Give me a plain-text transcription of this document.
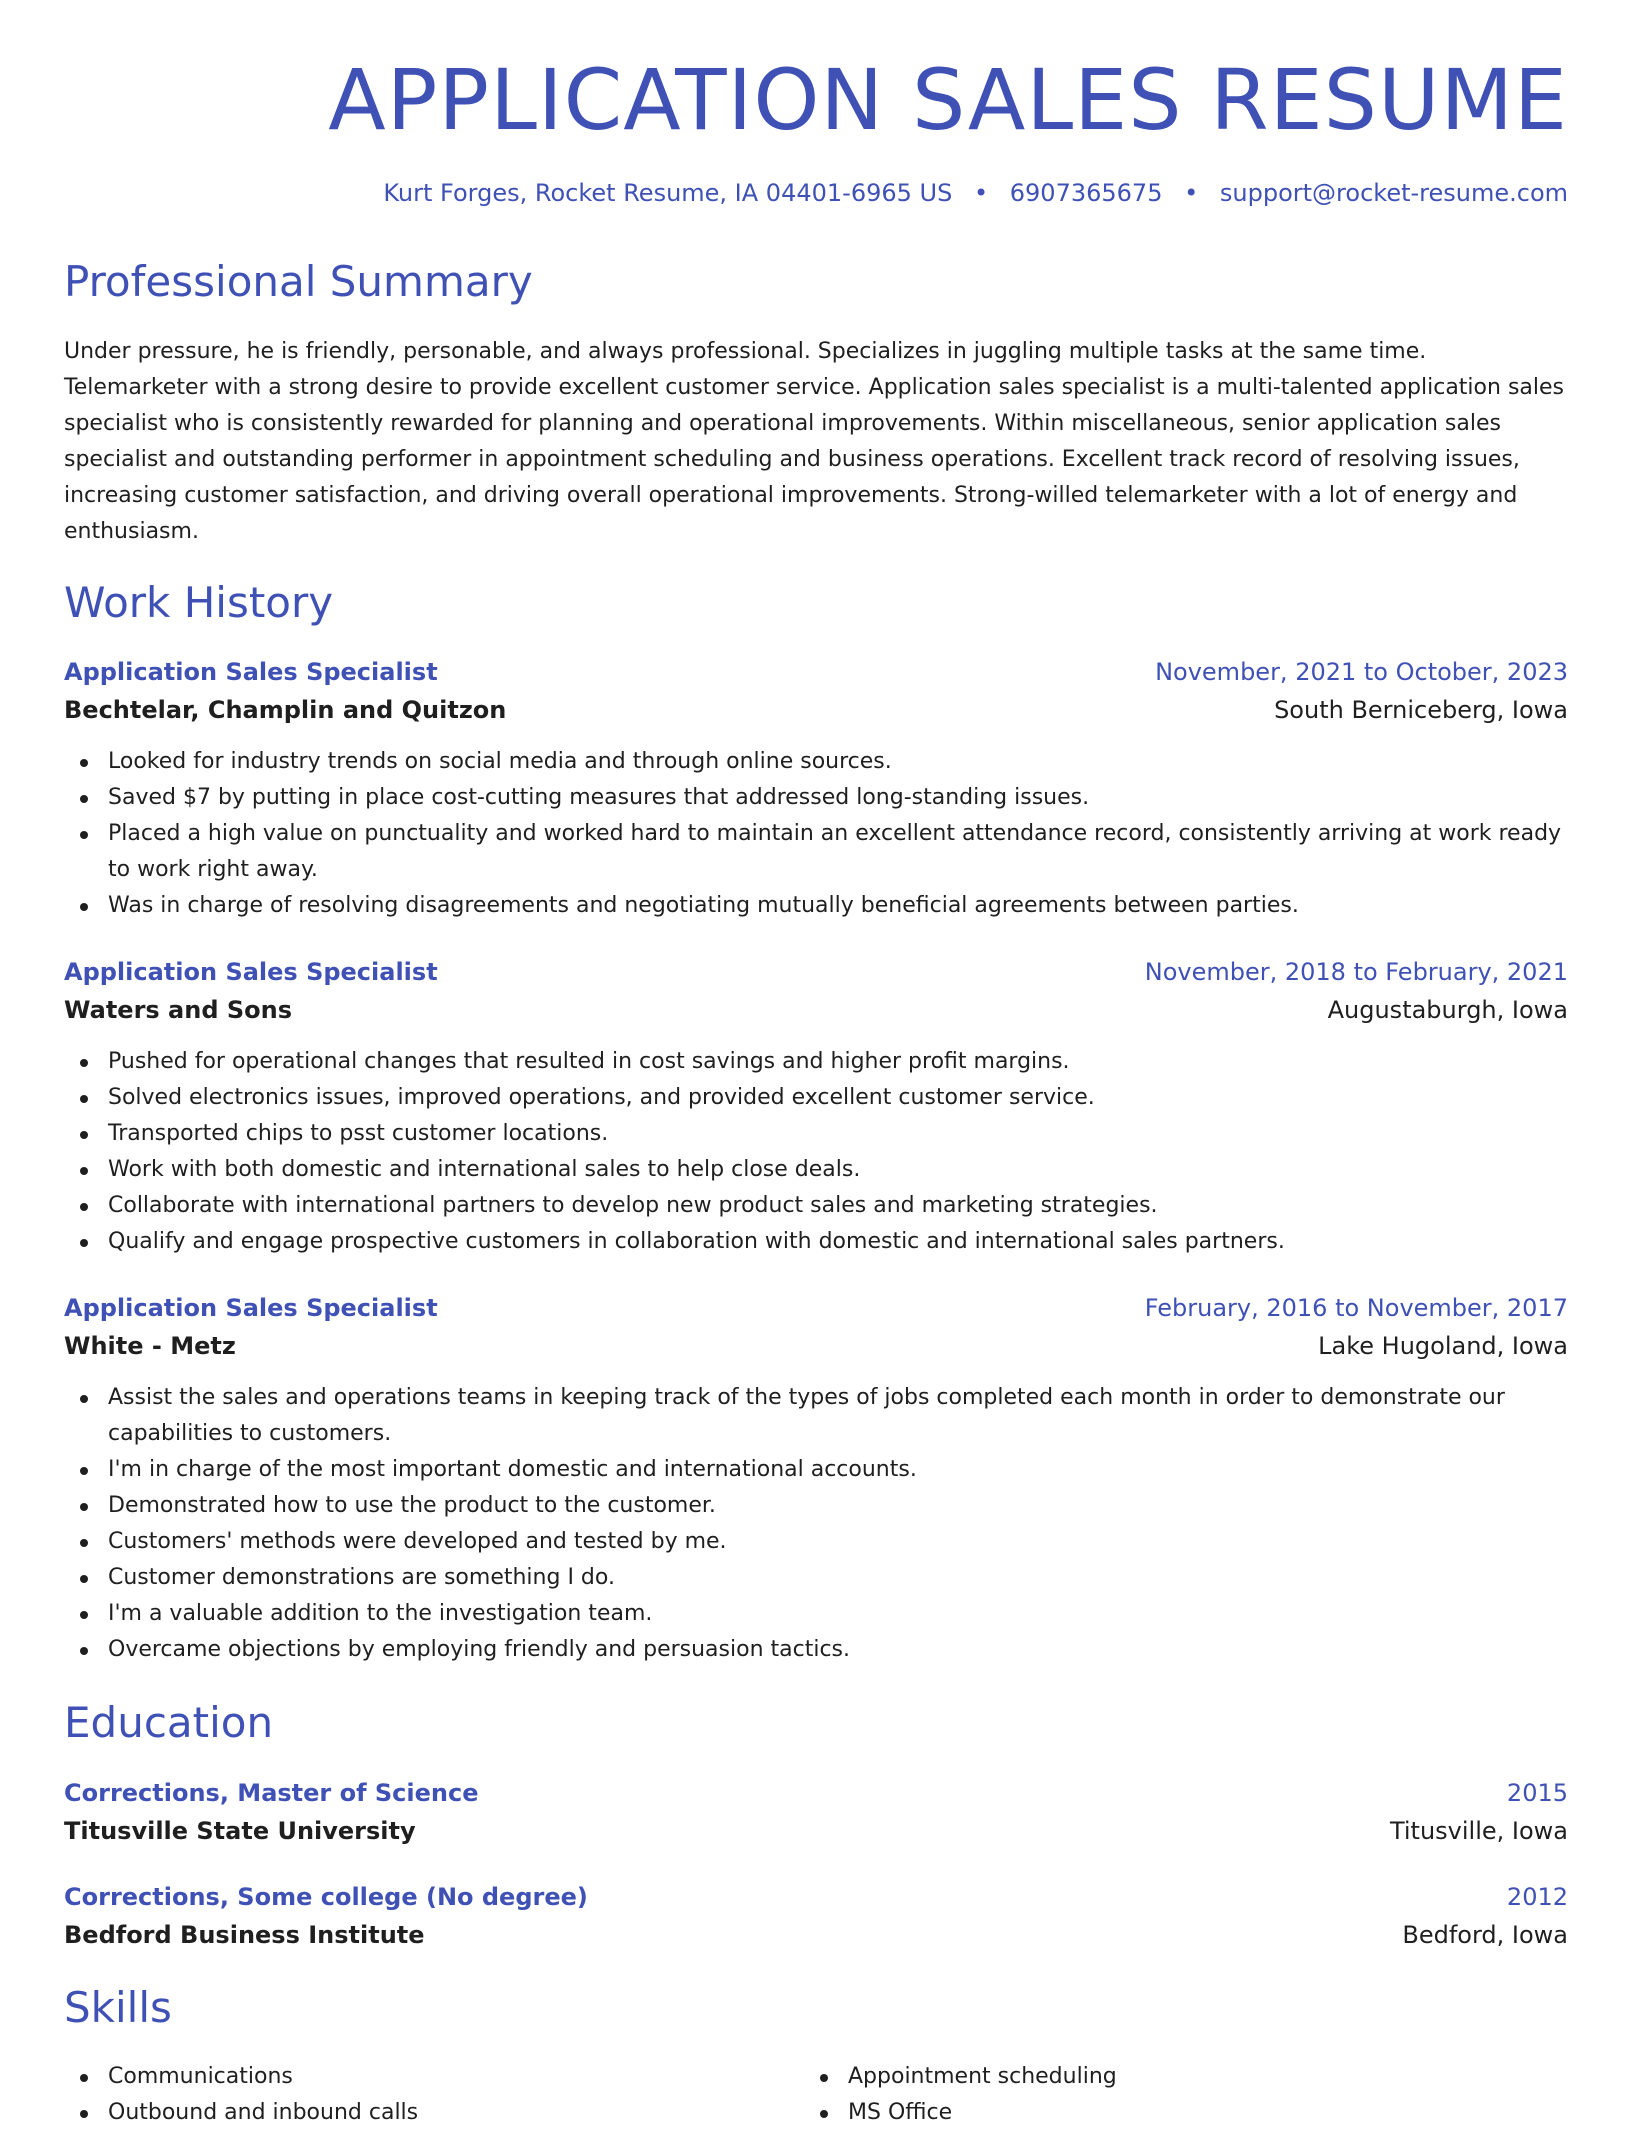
APPLICATION SALES RESUME
Kurt Forges, Rocket Resume, IA 04401-6965 US • 6907365675 • support@rocket-resume.com
Professional Summary

Under pressure, he is friendly, personable, and always professional. Specializes in juggling multiple tasks at the same time. Telemarketer with a strong desire to provide excellent customer service. Application sales specialist is a multi-talented application sales specialist who is consistently rewarded for planning and operational improvements. Within miscellaneous, senior application sales specialist and outstanding performer in appointment scheduling and business operations. Excellent track record of resolving issues, increasing customer satisfaction, and driving overall operational improvements. Strong-willed telemarketer with a lot of energy and enthusiasm.

Work History
Application Sales Specialist	November, 2021 to October, 2023
Bechtelar, Champlin and Quitzon	South Berniceberg, Iowa
Looked for industry trends on social media and through online sources.
Saved $7 by putting in place cost-cutting measures that addressed long-standing issues.
Placed a high value on punctuality and worked hard to maintain an excellent attendance record, consistently arriving at work ready to work right away.
Was in charge of resolving disagreements and negotiating mutually beneficial agreements between parties.
Application Sales Specialist	November, 2018 to February, 2021
Waters and Sons	Augustaburgh, Iowa
Pushed for operational changes that resulted in cost savings and higher profit margins.
Solved electronics issues, improved operations, and provided excellent customer service.
Transported chips to psst customer locations.
Work with both domestic and international sales to help close deals.
Collaborate with international partners to develop new product sales and marketing strategies.
Qualify and engage prospective customers in collaboration with domestic and international sales partners.
Application Sales Specialist	February, 2016 to November, 2017
White - Metz	Lake Hugoland, Iowa
Assist the sales and operations teams in keeping track of the types of jobs completed each month in order to demonstrate our capabilities to customers.
I'm in charge of the most important domestic and international accounts.
Demonstrated how to use the product to the customer.
Customers' methods were developed and tested by me.
Customer demonstrations are something I do.
I'm a valuable addition to the investigation team.
Overcame objections by employing friendly and persuasion tactics.
Education
Corrections, Master of Science	2015
Titusville State University	Titusville, Iowa
Corrections, Some college (No degree)	2012
Bedford Business Institute	Bedford, Iowa
Skills
Communications
Outbound and inbound calls
Appointment scheduling
MS Office
